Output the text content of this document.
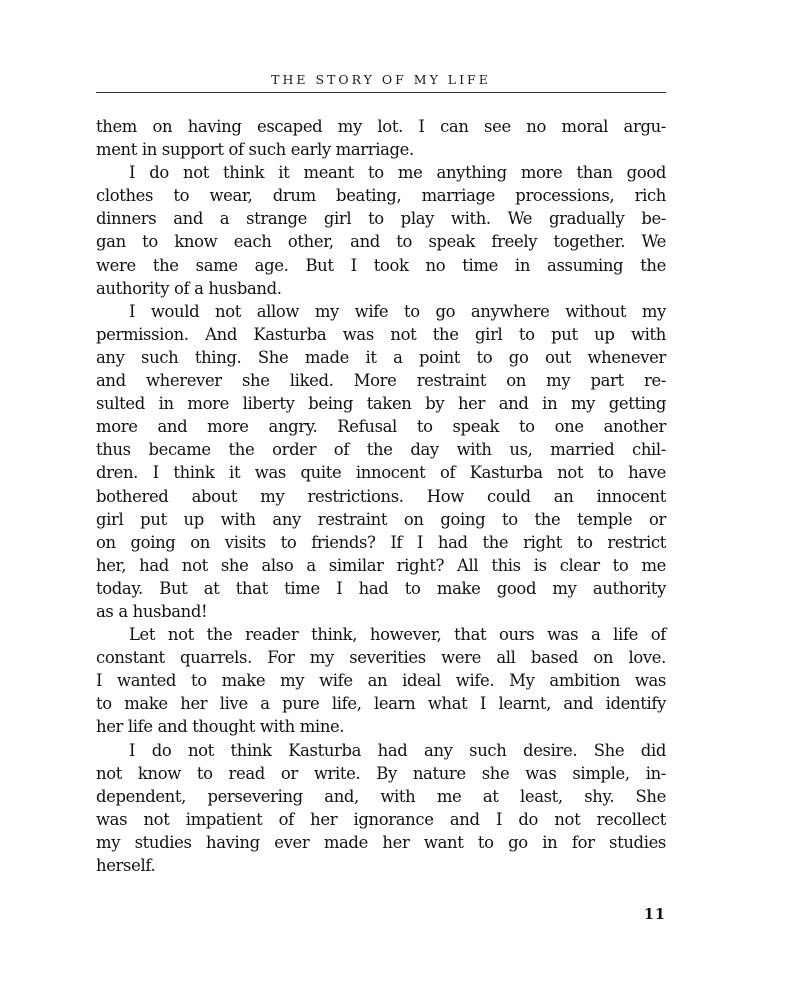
THE STORY OF MY LIFE
them on having escaped my lot. I can see no moral argu-
ment in support of such early marriage.
I do not think it meant to me anything more than good
clothes to wear, drum beating, marriage processions, rich
dinners and a strange girl to play with. We gradually be-
gan to know each other, and to speak freely together. We
were the same age. But I took no time in assuming the
authority of a husband.
I would not allow my wife to go anywhere without my
permission. And Kasturba was not the girl to put up with
any such thing. She made it a point to go out whenever
and wherever she liked. More restraint on my part re-
sulted in more liberty being taken by her and in my getting
more and more angry. Refusal to speak to one another
thus became the order of the day with us, married chil-
dren. I think it was quite innocent of Kasturba not to have
bothered about my restrictions. How could an innocent
girl put up with any restraint on going to the temple or
on going on visits to friends? If I had the right to restrict
her, had not she also a similar right? All this is clear to me
today. But at that time I had to make good my authority
as a husband!
Let not the reader think, however, that ours was a life of
constant quarrels. For my severities were all based on love.
I wanted to make my wife an ideal wife. My ambition was
to make her live a pure life, learn what I learnt, and identify
her life and thought with mine.
I do not think Kasturba had any such desire. She did
not know to read or write. By nature she was simple, in-
dependent, persevering and, with me at least, shy. She
was not impatient of her ignorance and I do not recollect
my studies having ever made her want to go in for studies
herself.
11
